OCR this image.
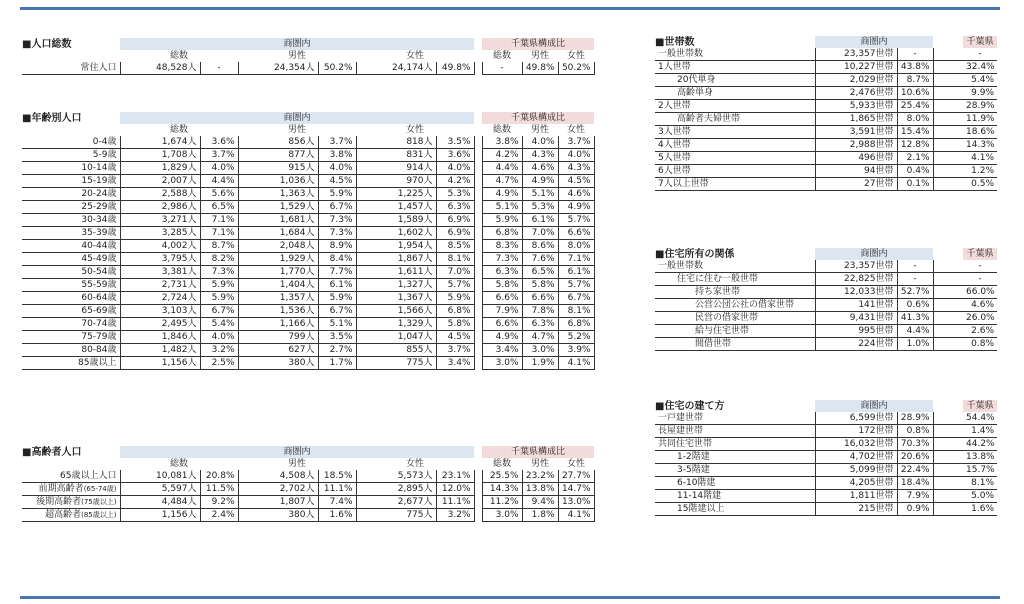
■人口総数	商圏内							千葉県構成比		
	総数		男性		女性			総数	男性	女性
常住人口	48,528人	-	24,354人	50.2%	24,174人	49.8%		-	49.8%	50.2%
■年齢別人口	商圏内							千葉県構成比		
	総数		男性		女性			総数	男性	女性
0-4歳	1,674人	3.6%	856人	3.7%	818人	3.5%		3.8%	4.0%	3.7%
5-9歳	1,708人	3.7%	877人	3.8%	831人	3.6%		4.2%	4.3%	4.0%
10-14歳	1,829人	4.0%	915人	4.0%	914人	4.0%		4.4%	4.6%	4.3%
15-19歳	2,007人	4.4%	1,036人	4.5%	970人	4.2%		4.7%	4.9%	4.5%
20-24歳	2,588人	5.6%	1,363人	5.9%	1,225人	5.3%		4.9%	5.1%	4.6%
25-29歳	2,986人	6.5%	1,529人	6.7%	1,457人	6.3%		5.1%	5.3%	4.9%
30-34歳	3,271人	7.1%	1,681人	7.3%	1,589人	6.9%		5.9%	6.1%	5.7%
35-39歳	3,285人	7.1%	1,684人	7.3%	1,602人	6.9%		6.8%	7.0%	6.6%
40-44歳	4,002人	8.7%	2,048人	8.9%	1,954人	8.5%		8.3%	8.6%	8.0%
45-49歳	3,795人	8.2%	1,929人	8.4%	1,867人	8.1%		7.3%	7.6%	7.1%
50-54歳	3,381人	7.3%	1,770人	7.7%	1,611人	7.0%		6.3%	6.5%	6.1%
55-59歳	2,731人	5.9%	1,404人	6.1%	1,327人	5.7%		5.8%	5.8%	5.7%
60-64歳	2,724人	5.9%	1,357人	5.9%	1,367人	5.9%		6.6%	6.6%	6.7%
65-69歳	3,103人	6.7%	1,536人	6.7%	1,566人	6.8%		7.9%	7.8%	8.1%
70-74歳	2,495人	5.4%	1,166人	5.1%	1,329人	5.8%		6.6%	6.3%	6.8%
75-79歳	1,846人	4.0%	799人	3.5%	1,047人	4.5%		4.9%	4.7%	5.2%
80-84歳	1,482人	3.2%	627人	2.7%	855人	3.7%		3.4%	3.0%	3.9%
85歳以上	1,156人	2.5%	380人	1.7%	775人	3.4%		3.0%	1.9%	4.1%
■高齢者人口	商圏内							千葉県構成比		
	総数		男性		女性			総数	男性	女性
65歳以上人口	10,081人	20.8%	4,508人	18.5%	5,573人	23.1%		25.5%	23.2%	27.7%
前期高齢者(65-74歳)	5,597人	11.5%	2,702人	11.1%	2,895人	12.0%		14.3%	13.8%	14.7%
後期高齢者(75歳以上)	4,484人	9.2%	1,807人	7.4%	2,677人	11.1%		11.2%	9.4%	13.0%
超高齢者(85歳以上)	1,156人	2.4%	380人	1.6%	775人	3.2%		3.0%	1.8%	4.1%
■世帯数	商圏内			千葉県
一般世帯数	23,357世帯	-		-
1人世帯	10,227世帯	43.8%		32.4%
20代単身	2,029世帯	8.7%		5.4%
高齢単身	2,476世帯	10.6%		9.9%
2人世帯	5,933世帯	25.4%		28.9%
高齢者夫婦世帯	1,865世帯	8.0%		11.9%
3人世帯	3,591世帯	15.4%		18.6%
4人世帯	2,988世帯	12.8%		14.3%
5人世帯	496世帯	2.1%		4.1%
6人世帯	94世帯	0.4%		1.2%
7人以上世帯	27世帯	0.1%		0.5%
■住宅所有の関係	商圏内			千葉県
一般世帯数	23,357世帯	-		-
住宅に住む一般世帯	22,825世帯	-		-
持ち家世帯	12,033世帯	52.7%		66.0%
公営公団公社の借家世帯	141世帯	0.6%		4.6%
民営の借家世帯	9,431世帯	41.3%		26.0%
給与住宅世帯	995世帯	4.4%		2.6%
間借世帯	224世帯	1.0%		0.8%
■住宅の建て方	商圏内			千葉県
一戸建世帯	6,599世帯	28.9%		54.4%
長屋建世帯	172世帯	0.8%		1.4%
共同住宅世帯	16,032世帯	70.3%		44.2%
1-2階建	4,702世帯	20.6%		13.8%
3-5階建	5,099世帯	22.4%		15.7%
6-10階建	4,205世帯	18.4%		8.1%
11-14階建	1,811世帯	7.9%		5.0%
15階建以上	215世帯	0.9%		1.6%
